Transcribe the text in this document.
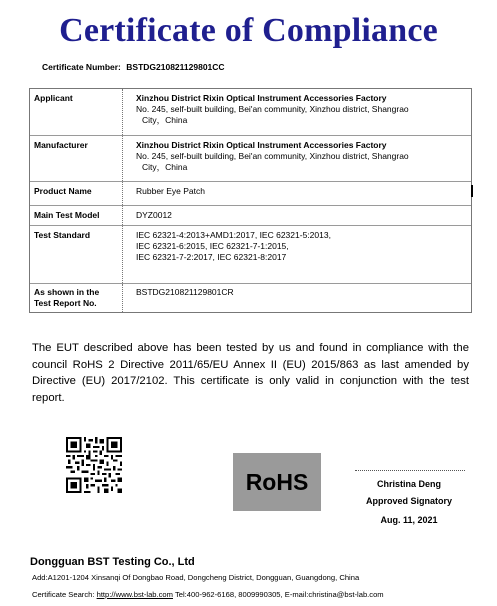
Certificate of Compliance
Certificate Number: BSTDG210821129801CC
Applicant	Xinzhou District Rixin Optical Instrument Accessories Factory
No. 245, self-built building, Bei'an community, Xinzhou district, Shangrao
City，China
Manufacturer	Xinzhou District Rixin Optical Instrument Accessories Factory
No. 245, self-built building, Bei'an community, Xinzhou district, Shangrao
City，China
Product Name	Rubber Eye Patch
Main Test Model	DYZ0012
Test Standard	IEC 62321-4:2013+AMD1:2017, IEC 62321-5:2013,
IEC 62321-6:2015, IEC 62321-7-1:2015,
IEC 62321-7-2:2017, IEC 62321-8:2017
As shown in the
Test Report No.
BSTDG210821129801CR
The EUT described above has been tested by us and found in compliance with the council RoHS 2 Directive 2011/65/EU Annex II (EU) 2015/863 as last amended by Directive (EU) 2017/2102. This certificate is only valid in conjunction with the test report.
RoHS	Christina Deng
Approved Signatory
Aug. 11, 2021
Dongguan BST Testing Co., Ltd
Add:A1201-1204 Xinsanqi Of Dongbao Road, Dongcheng District, Dongguan, Guangdong, China
Certificate Search: http://www.bst-lab.com Tel:400-962-6168, 8009990305, E-mail:christina@bst-lab.com
